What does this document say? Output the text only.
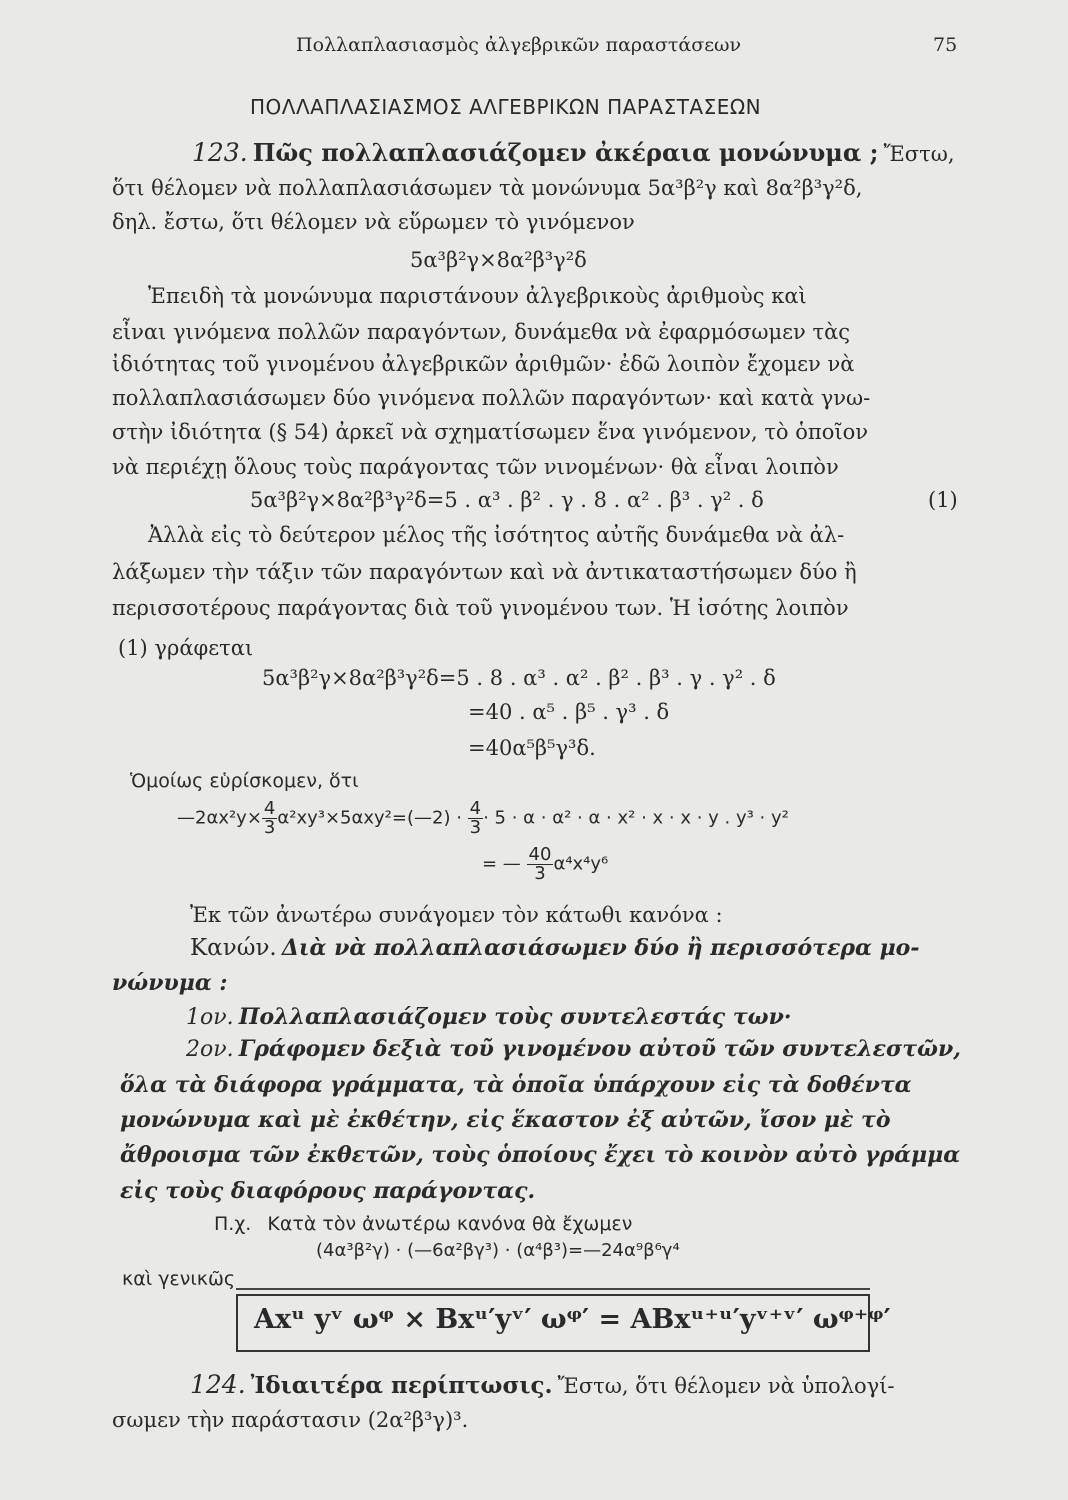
Πολλαπλασιασμὸς ἀλγεβρικῶν παραστάσεων	75
ΠΟΛΛΑΠΛΑΣΙΑΣΜΟΣ ΑΛΓΕΒΡΙΚΩΝ ΠΑΡΑΣΤΑΣΕΩΝ
123. Πῶς πολλαπλασιάζομεν ἀκέραια μονώνυμα ; Ἔστω,
ὅτι θέλομεν νὰ πολλαπλασιάσωμεν τὰ μονώνυμα 5α³β²γ καὶ 8α²β³γ²δ,
δηλ. ἔστω, ὅτι θέλομεν νὰ εὕρωμεν τὸ γινόμενον
5α³β²γ×8α²β³γ²δ
Ἐπειδὴ τὰ μονώνυμα παριστάνουν ἀλγεβρικοὺς ἀριθμοὺς καὶ
εἶναι γινόμενα πολλῶν παραγόντων, δυνάμεθα νὰ ἐφαρμόσωμεν τὰς
ἰδιότητας τοῦ γινομένου ἀλγεβρικῶν ἀριθμῶν· ἐδῶ λοιπὸν ἔχομεν νὰ
πολλαπλασιάσωμεν δύο γινόμενα πολλῶν παραγόντων· καὶ κατὰ γνω-
στὴν ἰδιότητα (§ 54) ἀρκεῖ νὰ σχηματίσωμεν ἕνα γινόμενον, τὸ ὁποῖον
νὰ περιέχῃ ὅλους τοὺς παράγοντας τῶν νινομένων· θὰ εἶναι λοιπὸν
5α³β²γ×8α²β³γ²δ=5 . α³ . β² . γ . 8 . α² . β³ . γ² . δ	(1)
Ἀλλὰ εἰς τὸ δεύτερον μέλος τῆς ἰσότητος αὐτῆς δυνάμεθα νὰ ἀλ-
λάξωμεν τὴν τάξιν τῶν παραγόντων καὶ νὰ ἀντικαταστήσωμεν δύο ἢ
περισσοτέρους παράγοντας διὰ τοῦ γινομένου των. Ἡ ἰσότης λοιπὸν
(1) γράφεται
5α³β²γ×8α²β³γ²δ=5 . 8 . α³ . α² . β² . β³ . γ . γ² . δ
=40 . α⁵ . β⁵ . γ³ . δ
=40α⁵β⁵γ³δ.
Ὁμοίως εὑρίσκομεν, ὅτι
—2αx²y× $\frac{4}{3}$ α²xy³×5αxy²=(—2) · $\frac{4}{3} \cdot 5 \cdot \alpha \cdot \alpha^2 \cdot \alpha \cdot x^2 \cdot x \cdot x \cdot y$ . y³ · y²
= — $\frac{40}{3} \alpha^4x^4y^6$
Ἐκ τῶν ἀνωτέρω συνάγομεν τὸν κάτωθι κανόνα :
Κανών. Διὰ νὰ πολλαπλασιάσωμεν δύο ἢ περισσότερα μο-
νώνυμα :
1ον. Πολλαπλασιάζομεν τοὺς συντελεστάς των·
2ον. Γράφομεν δεξιὰ τοῦ γινομένου αὐτοῦ τῶν συντελεστῶν,
ὅλα τὰ διάφορα γράμματα, τὰ ὁποῖα ὑπάρχουν εἰς τὰ δοθέντα
μονώνυμα καὶ μὲ ἐκθέτην, εἰς ἕκαστον ἐξ αὐτῶν, ἴσον μὲ τὸ
ἄθροισμα τῶν ἐκθετῶν, τοὺς ὁποίους ἔχει τὸ κοινὸν αὐτὸ γράμμα
εἰς τοὺς διαφόρους παράγοντας.
Π.χ. Κατὰ τὸν ἀνωτέρω κανόνα θὰ ἔχωμεν
(4α³β²γ) · (—6α²βγ³) · (α⁴β³)=—24α⁹β⁶γ⁴
καὶ γενικῶς
Axᵘ yᵛ ωᵠ × Bxᵘ′yᵛ′ ωᵠ′ = ABxᵘ⁺ᵘ′yᵛ⁺ᵛ′ ωᵠ⁺ᵠ′
124. Ἰδιαιτέρα περίπτωσις. Ἔστω, ὅτι θέλομεν νὰ ὑπολογί-
σωμεν τὴν παράστασιν (2α²β³γ)³.
